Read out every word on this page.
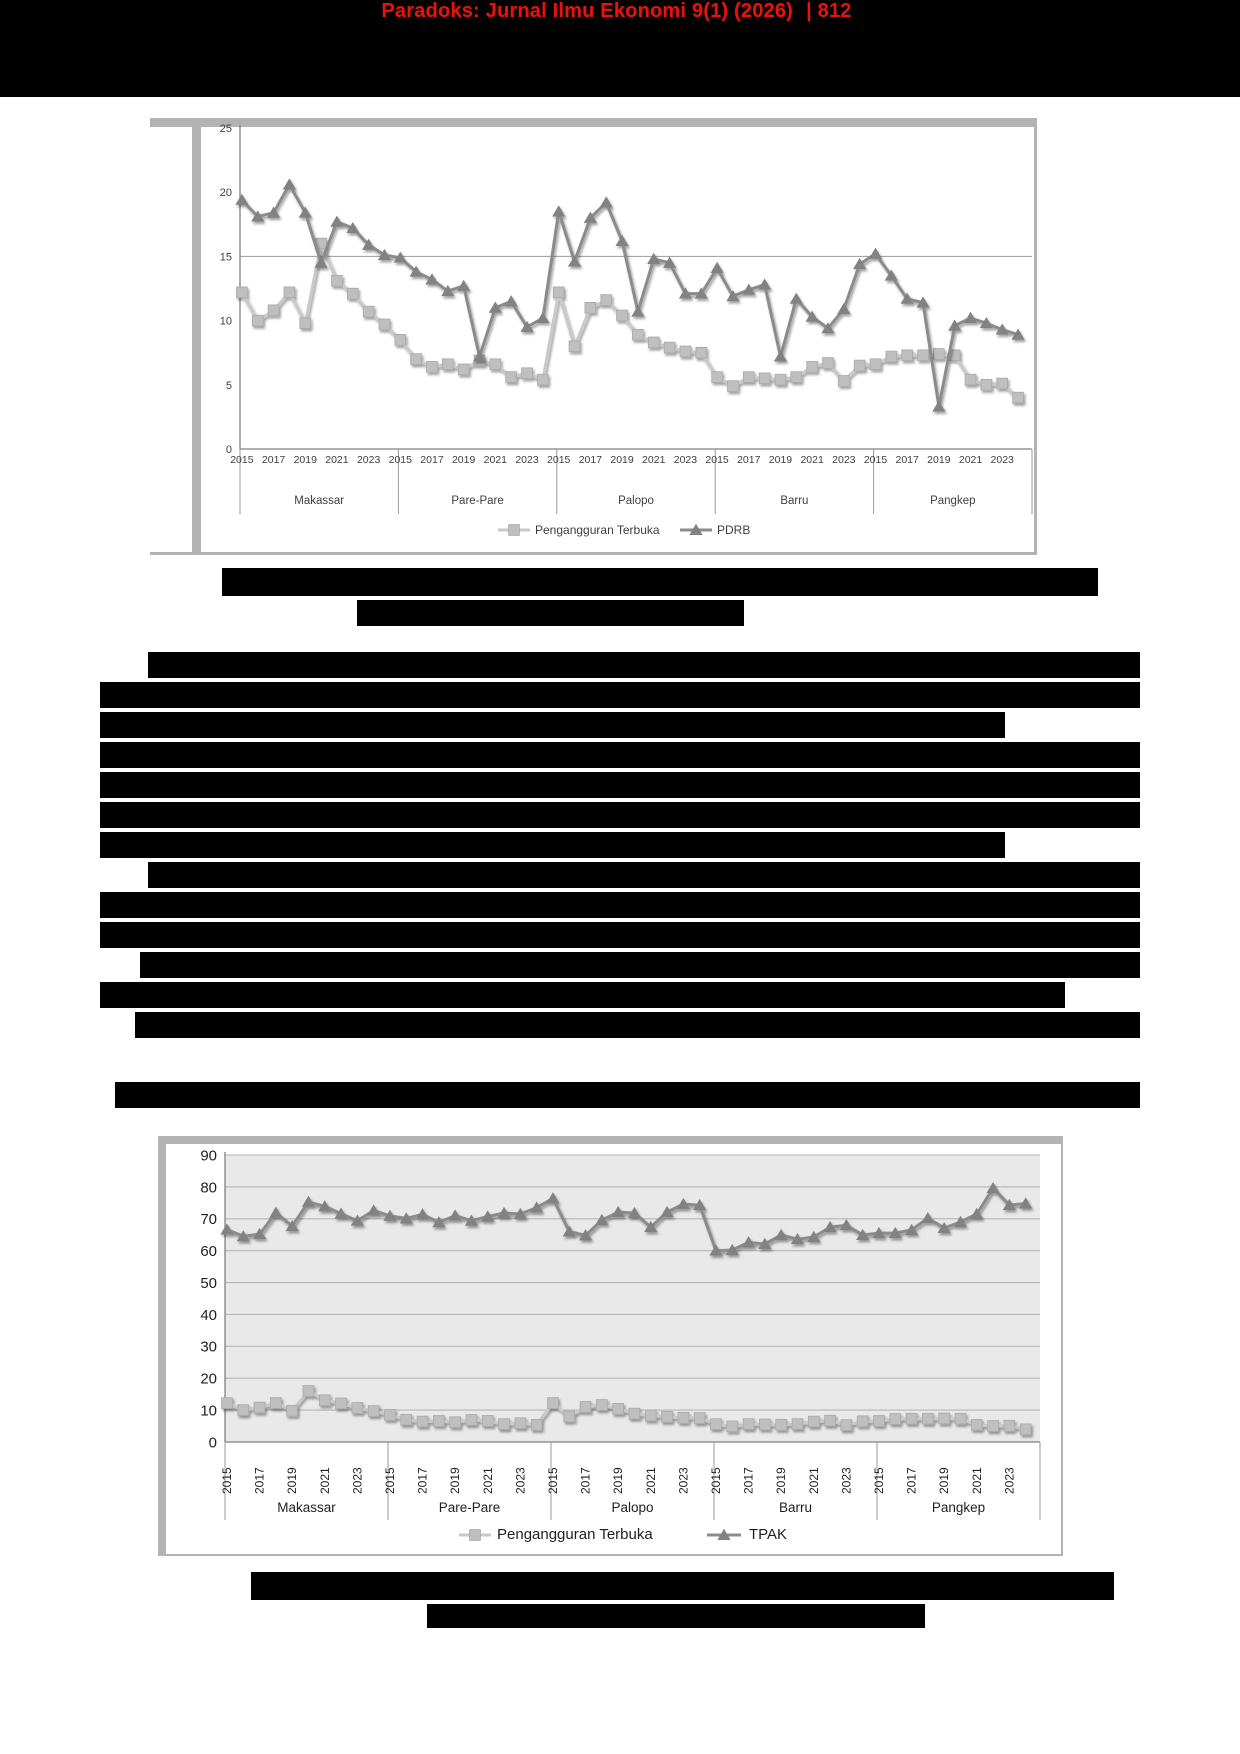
0
5
10
15
20
25
2015 2017 2019 2021 2023
Makassar
2015 2017 2019 2021 2023
Pare-Pare
2015 2017 2019 2021 2023
Palopo
2015 2017 2019 2021 2023
Barru
2015 2017 2019 2021 2023
Pangkep
Pengangguran Terbuka	PDRB
0
10
20
30
40
50
60
70
80
90
2015 2017 2019 2021 2023
Makassar
2015 2017 2019 2021 2023
Pare-Pare
2015 2017 2019 2021 2023
Palopo
2015 2017 2019 2021 2023
Barru
2015 2017 2019 2021 2023
Pangkep
Pengangguran Terbuka	TPAK
Paradoks: Jurnal Ilmu Ekonomi 9(1) (2026) | 812
